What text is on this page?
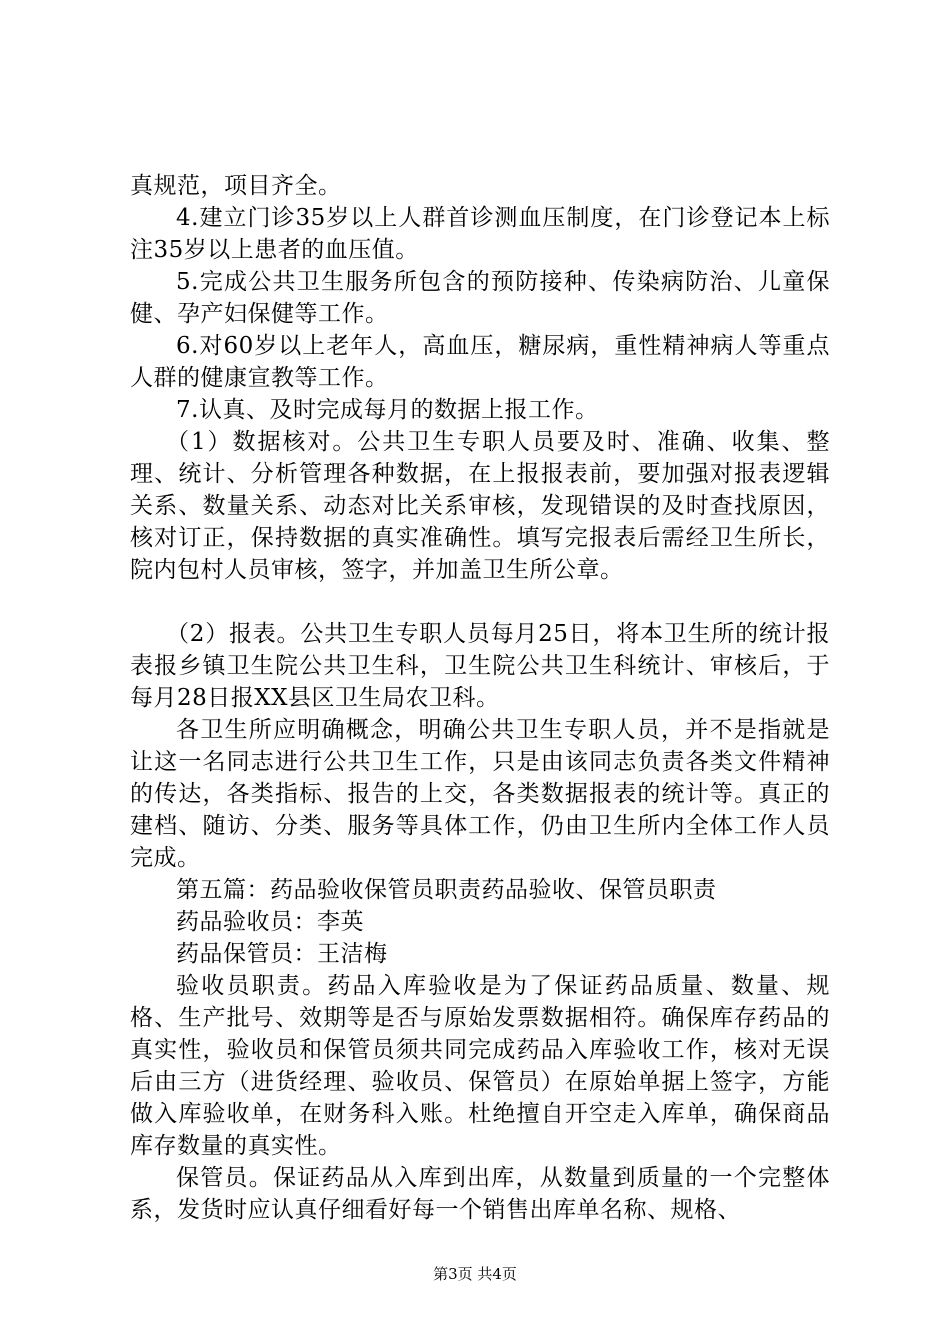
真规范，项目齐全。

4.建立门诊35岁以上人群首诊测血压制度，在门诊登记本上标注35岁以上患者的血压值。

5.完成公共卫生服务所包含的预防接种、传染病防治、儿童保健、孕产妇保健等工作。

6.对60岁以上老年人，高血压，糖尿病，重性精神病人等重点人群的健康宣教等工作。

7.认真、及时完成每月的数据上报工作。

（1）数据核对。公共卫生专职人员要及时、准确、收集、整理、统计、分析管理各种数据，在上报报表前，要加强对报表逻辑关系、数量关系、动态对比关系审核，发现错误的及时查找原因，核对订正，保持数据的真实准确性。填写完报表后需经卫生所长，院内包村人员审核，签字，并加盖卫生所公章。

（2）报表。公共卫生专职人员每月25日，将本卫生所的统计报表报乡镇卫生院公共卫生科，卫生院公共卫生科统计、审核后，于每月28日报XX县区卫生局农卫科。

各卫生所应明确概念，明确公共卫生专职人员，并不是指就是让这一名同志进行公共卫生工作，只是由该同志负责各类文件精神的传达，各类指标、报告的上交，各类数据报表的统计等。真正的建档、随访、分类、服务等具体工作，仍由卫生所内全体工作人员完成。

第五篇：药品验收保管员职责药品验收、保管员职责

药品验收员：李英

药品保管员：王洁梅

验收员职责。药品入库验收是为了保证药品质量、数量、规格、生产批号、效期等是否与原始发票数据相符。确保库存药品的真实性，验收员和保管员须共同完成药品入库验收工作，核对无误后由三方（进货经理、验收员、保管员）在原始单据上签字，方能做入库验收单，在财务科入账。杜绝擅自开空走入库单，确保商品库存数量的真实性。

保管员。保证药品从入库到出库，从数量到质量的一个完整体系，发货时应认真仔细看好每一个销售出库单名称、规格、

第3页 共4页
